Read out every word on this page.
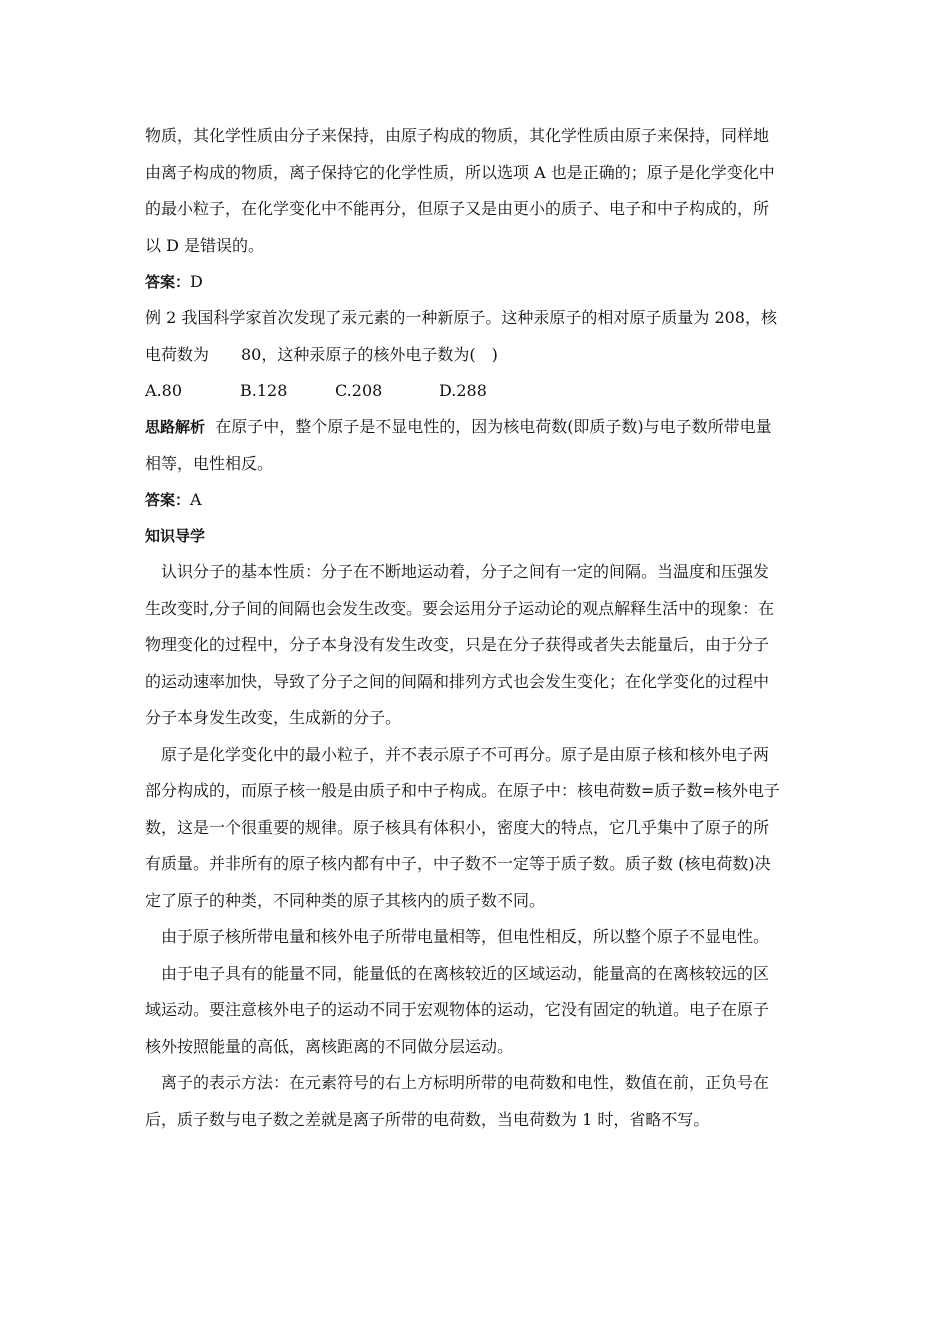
物质，其化学性质由分子来保持，由原子构成的物质，其化学性质由原子来保持，同样地

由离子构成的物质，离子保持它的化学性质，所以选项 A 也是正确的；原子是化学变化中

的最小粒子，在化学变化中不能再分，但原子又是由更小的质子、电子和中子构成的，所

以 D 是错误的。

答案：D

例 2 我国科学家首次发现了汞元素的一种新原子。这种汞原子的相对原子质量为 208，核

电荷数为　　80，这种汞原子的核外电子数为(　)

A.80	B.128	C.208	D.288

思路解析  在原子中，整个原子是不显电性的，因为核电荷数(即质子数)与电子数所带电量

相等，电性相反。

答案：A

知识导学

认识分子的基本性质：分子在不断地运动着，分子之间有一定的间隔。当温度和压强发

生改变时,分子间的间隔也会发生改变。要会运用分子运动论的观点解释生活中的现象：在

物理变化的过程中，分子本身没有发生改变，只是在分子获得或者失去能量后，由于分子

的运动速率加快，导致了分子之间的间隔和排列方式也会发生变化；在化学变化的过程中

分子本身发生改变，生成新的分子。

原子是化学变化中的最小粒子，并不表示原子不可再分。原子是由原子核和核外电子两

部分构成的，而原子核一般是由质子和中子构成。在原子中：核电荷数=质子数=核外电子

数，这是一个很重要的规律。原子核具有体积小，密度大的特点，它几乎集中了原子的所

有质量。并非所有的原子核内都有中子，中子数不一定等于质子数。质子数 (核电荷数)决

定了原子的种类，不同种类的原子其核内的质子数不同。

由于原子核所带电量和核外电子所带电量相等，但电性相反，所以整个原子不显电性。

由于电子具有的能量不同，能量低的在离核较近的区域运动，能量高的在离核较远的区

域运动。要注意核外电子的运动不同于宏观物体的运动，它没有固定的轨道。电子在原子

核外按照能量的高低，离核距离的不同做分层运动。

离子的表示方法：在元素符号的右上方标明所带的电荷数和电性，数值在前，正负号在

后，质子数与电子数之差就是离子所带的电荷数，当电荷数为 1 时，省略不写。
